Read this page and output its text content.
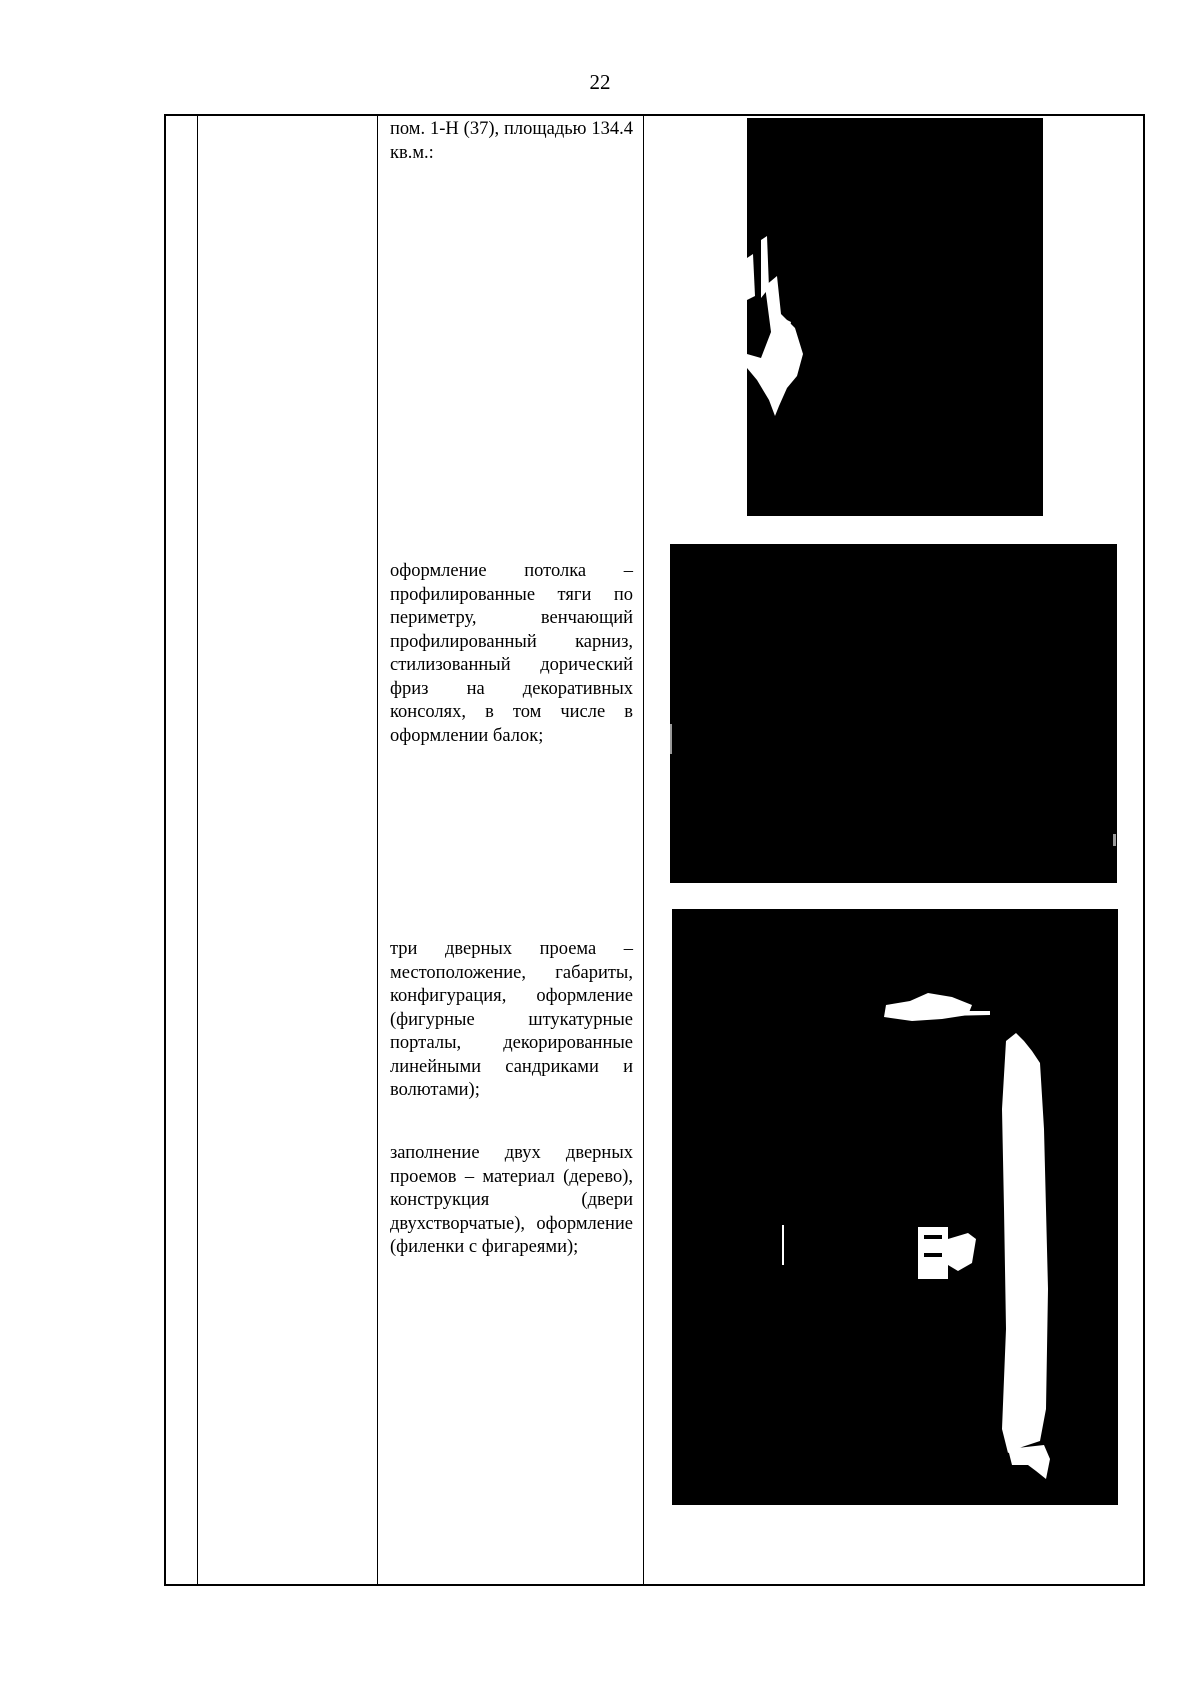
22
пом. 1-Н (37), площадью 134.4 кв.м.:
оформление потолка – профилированные тяги по периметру, венчающий профилированный карниз, стилизованный дорический фриз на декоративных консолях, в том числе в оформлении балок;
три дверных проема – местоположение, габариты, конфигурация, оформление (фигурные штукатурные порталы, декорированные линейными сандриками и волютами);
заполнение двух дверных проемов – материал (дерево), конструкция (двери двухстворчатые), оформление (филенки с фигареями);
